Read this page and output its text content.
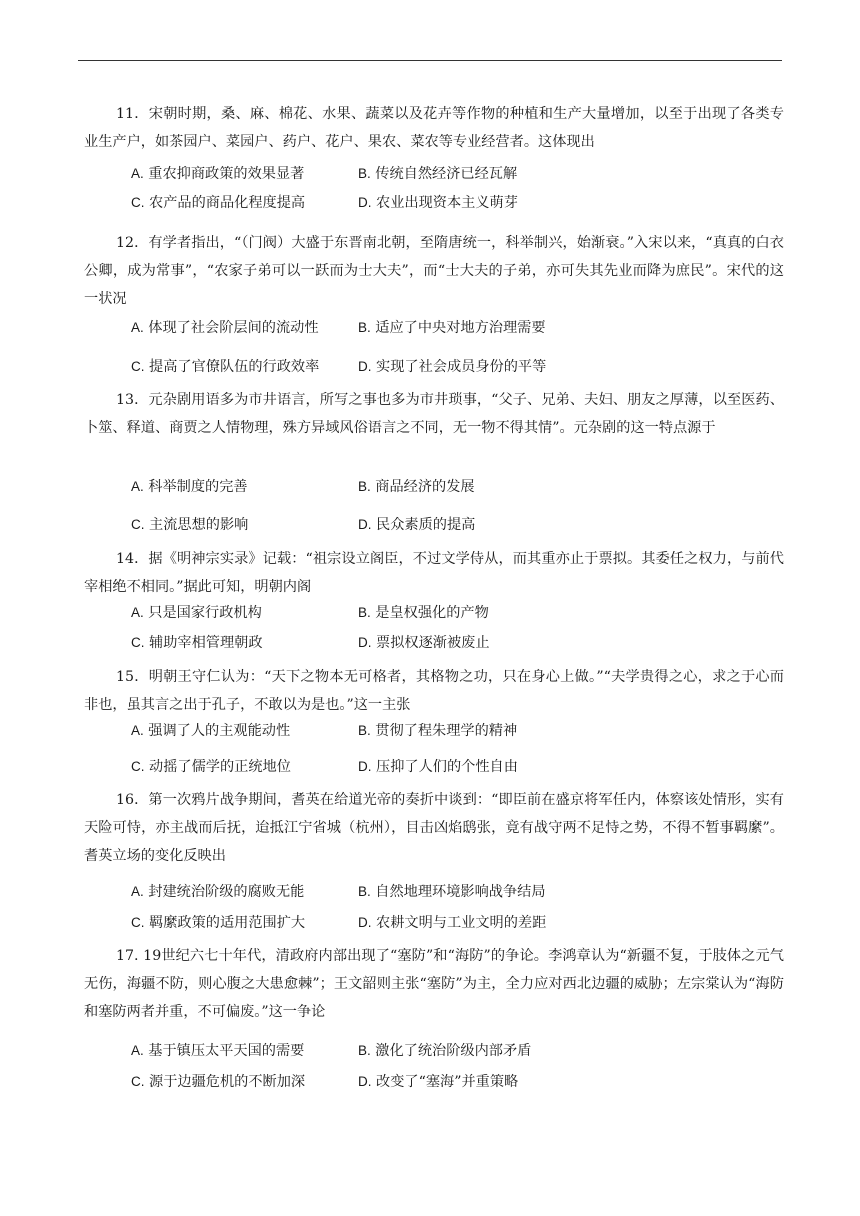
11．宋朝时期，桑、麻、棉花、水果、蔬菜以及花卉等作物的种植和生产大量增加，以至于出现了各类专业生产户，如茶园户、菜园户、药户、花户、果农、菜农等专业经营者。这体现出
A. 重农抑商政策的效果显著	B. 传统自然经济已经瓦解
C. 农产品的商品化程度提高	D. 农业出现资本主义萌芽
12．有学者指出，“（门阀）大盛于东晋南北朝，至隋唐统一，科举制兴，始渐衰。”入宋以来，“真真的白衣公卿，成为常事”，“农家子弟可以一跃而为士大夫”，而“士大夫的子弟，亦可失其先业而降为庶民”。宋代的这一状况
A. 体现了社会阶层间的流动性	B. 适应了中央对地方治理需要
C. 提高了官僚队伍的行政效率	D. 实现了社会成员身份的平等
13．元杂剧用语多为市井语言，所写之事也多为市井琐事，“父子、兄弟、夫妇、朋友之厚薄，以至医药、卜筮、释道、商贾之人情物理，殊方异域风俗语言之不同，无一物不得其情”。元杂剧的这一特点源于
A. 科举制度的完善	B. 商品经济的发展
C. 主流思想的影响	D. 民众素质的提高
14．据《明神宗实录》记载：“祖宗设立阁臣，不过文学侍从，而其重亦止于票拟。其委任之权力，与前代宰相绝不相同。”据此可知，明朝内阁
A. 只是国家行政机构	B. 是皇权强化的产物
C. 辅助宰相管理朝政	D. 票拟权逐渐被废止
15．明朝王守仁认为：“天下之物本无可格者，其格物之功，只在身心上做。”“夫学贵得之心，求之于心而非也，虽其言之出于孔子，不敢以为是也。”这一主张
A. 强调了人的主观能动性	B. 贯彻了程朱理学的精神
C. 动摇了儒学的正统地位	D. 压抑了人们的个性自由
16．第一次鸦片战争期间，耆英在给道光帝的奏折中谈到：“即臣前在盛京将军任内，体察该处情形，实有天险可恃，亦主战而后抚，迨抵江宁省城（杭州），目击凶焰鸱张，竟有战守两不足恃之势，不得不暂事羁縻”。耆英立场的变化反映出
A. 封建统治阶级的腐败无能	B. 自然地理环境影响战争结局
C. 羁縻政策的适用范围扩大	D. 农耕文明与工业文明的差距
17. 19世纪六七十年代，清政府内部出现了“塞防”和“海防”的争论。李鸿章认为“新疆不复，于肢体之元气无伤，海疆不防，则心腹之大患愈棘”；王文韶则主张“塞防”为主，全力应对西北边疆的威胁；左宗棠认为“海防和塞防两者并重，不可偏废。”这一争论
A. 基于镇压太平天国的需要	B. 激化了统治阶级内部矛盾
C. 源于边疆危机的不断加深	D. 改变了“塞海”并重策略
